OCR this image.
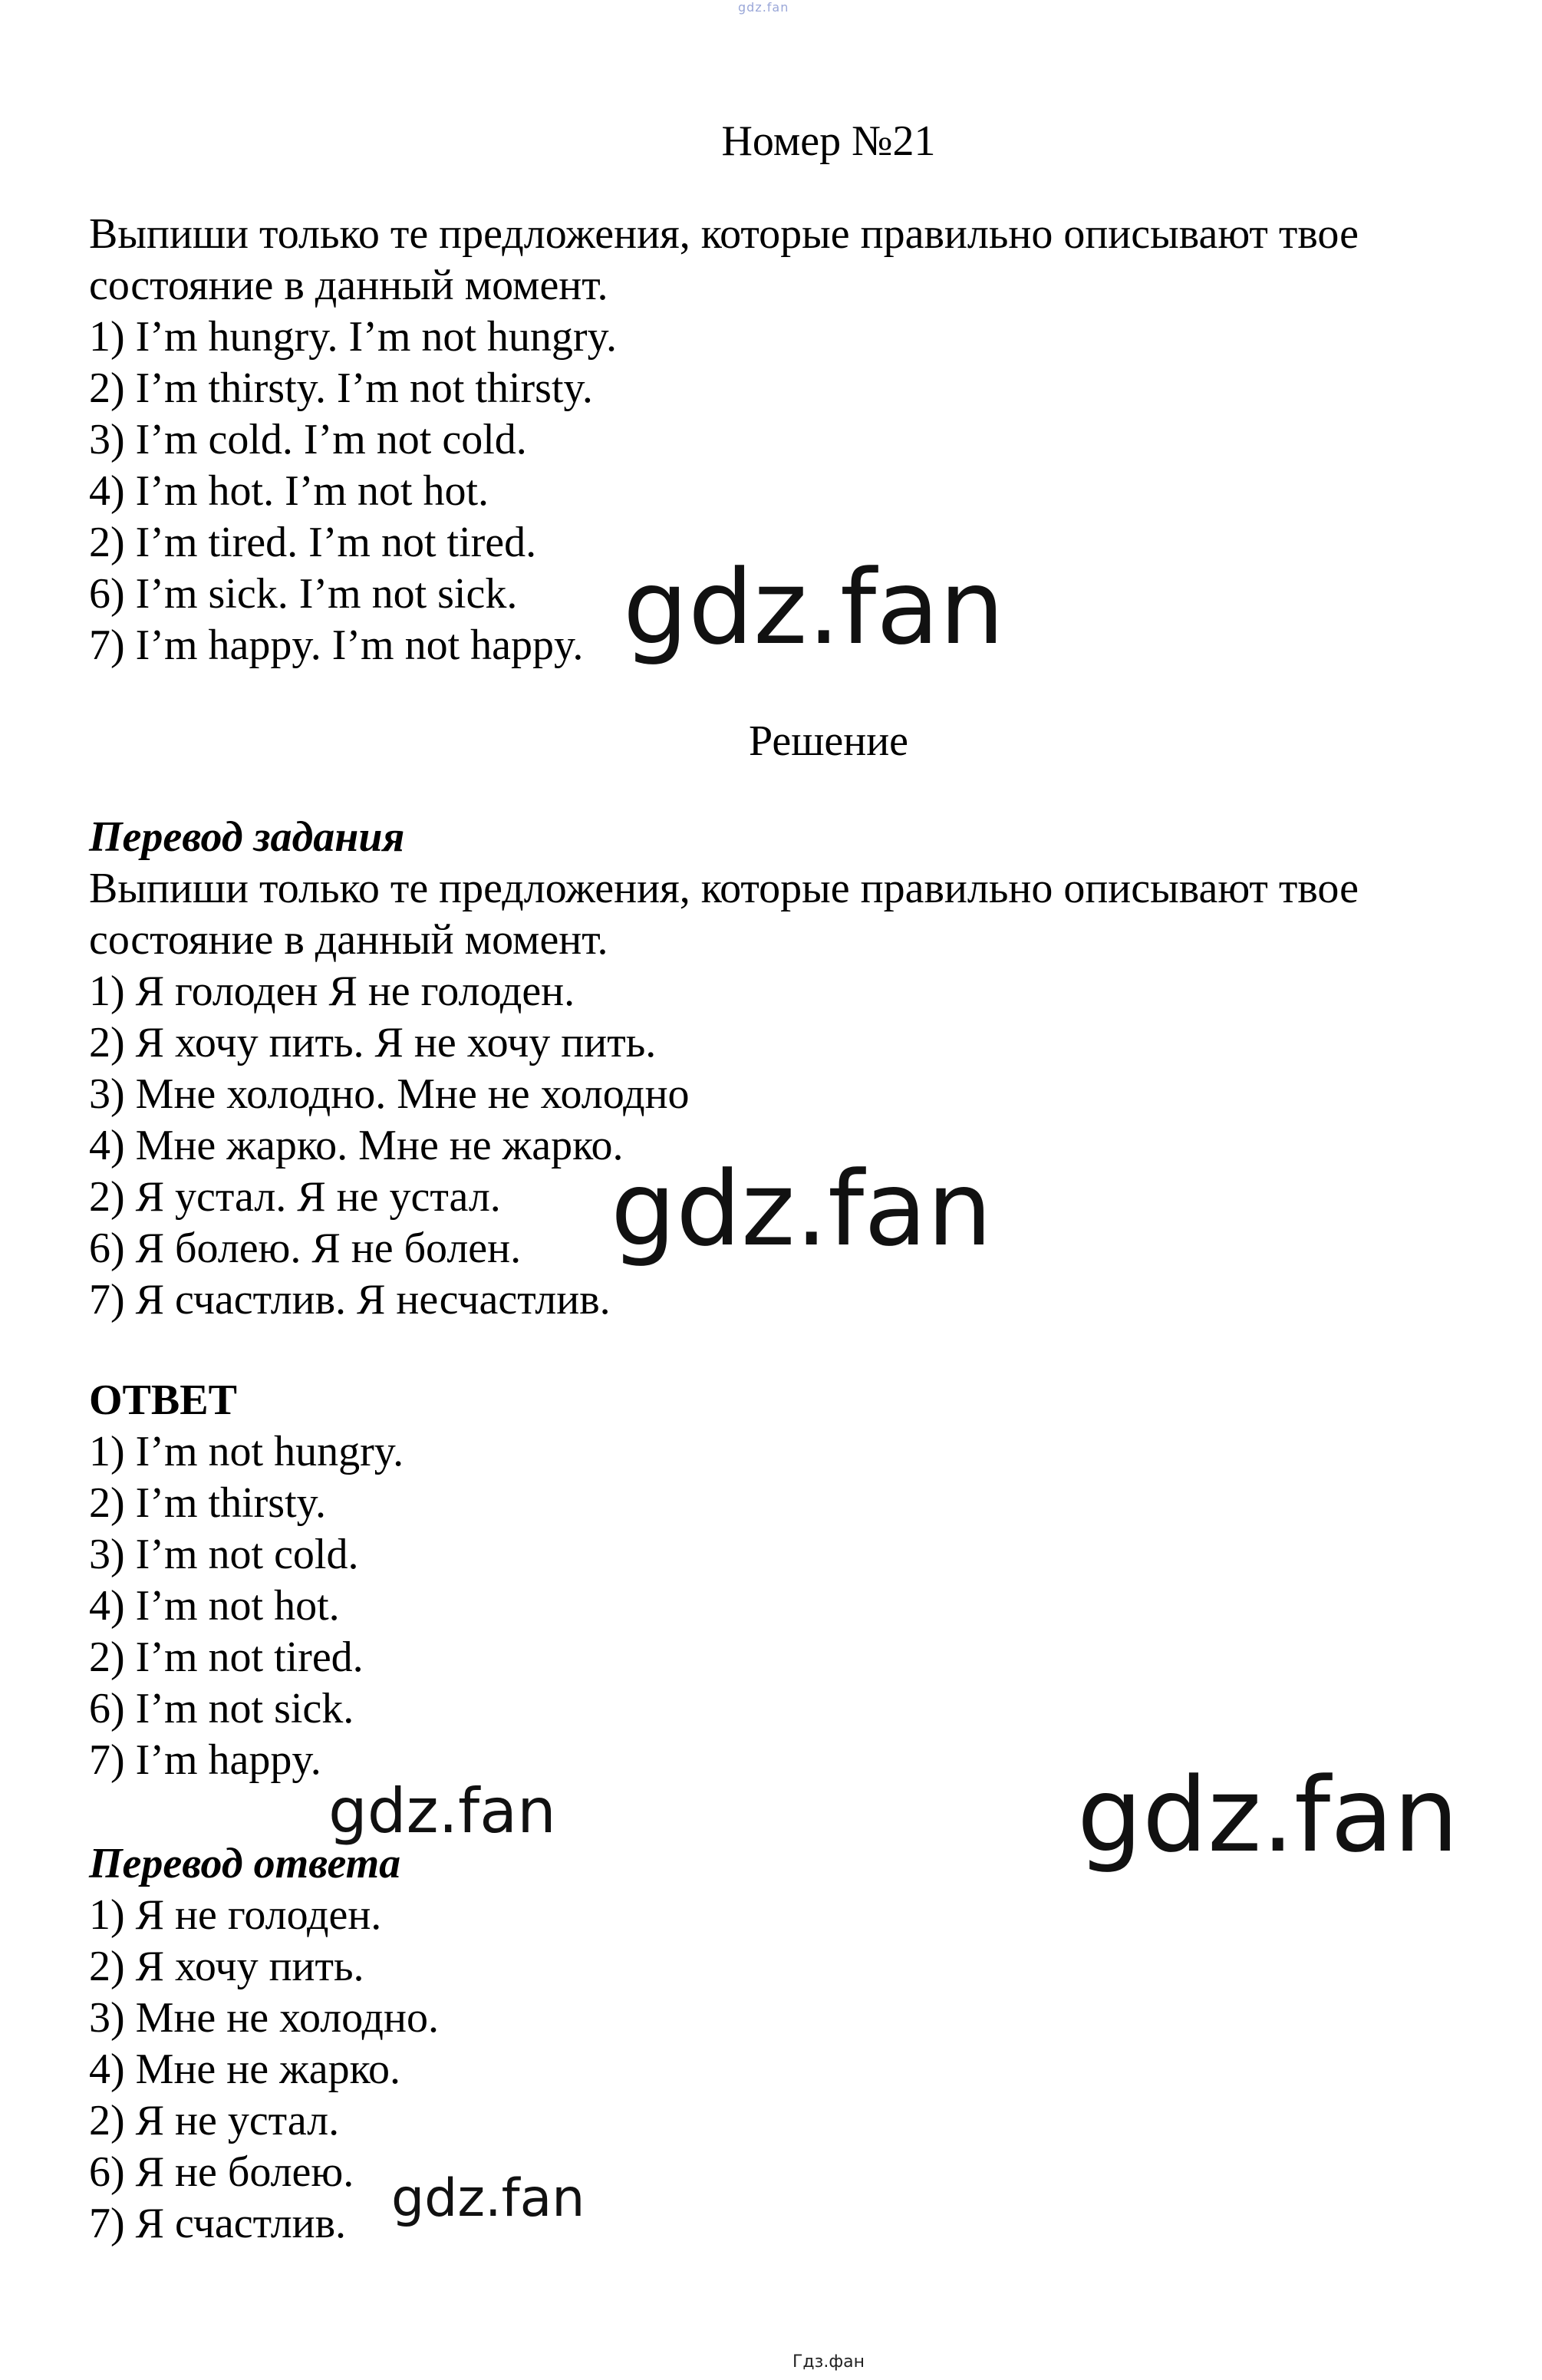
gdz.fan
Номер №21

Выпиши только те предложения, которые правильно описывают твое

состояние в данный момент.

1) I’m hungry. I’m not hungry.

2) I’m thirsty. I’m not thirsty.

3) I’m cold. I’m not cold.

4) I’m hot. I’m not hot.

2) I’m tired. I’m not tired.

6) I’m sick. I’m not sick.

7) I’m happy. I’m not happy.

Решение

Перевод задания

Выпиши только те предложения, которые правильно описывают твое

состояние в данный момент.

1) Я голоден Я не голоден.

2) Я хочу пить. Я не хочу пить.

3) Мне холодно. Мне не холодно

4) Мне жарко. Мне не жарко.

2) Я устал. Я не устал.

6) Я болею. Я не болен.

7) Я счастлив. Я несчастлив.

ОТВЕТ

1) I’m not hungry.

2) I’m thirsty.

3) I’m not cold.

4) I’m not hot.

2) I’m not tired.

6) I’m not sick.

7) I’m happy.

Перевод ответа

1) Я не голоден.

2) Я хочу пить.

3) Мне не холодно.

4) Мне не жарко.

2) Я не устал.

6) Я не болею.

7) Я счастлив.

gdz.fan
gdz.fan
gdz.fan	gdz.fan
gdz.fan
Гдз.фан
